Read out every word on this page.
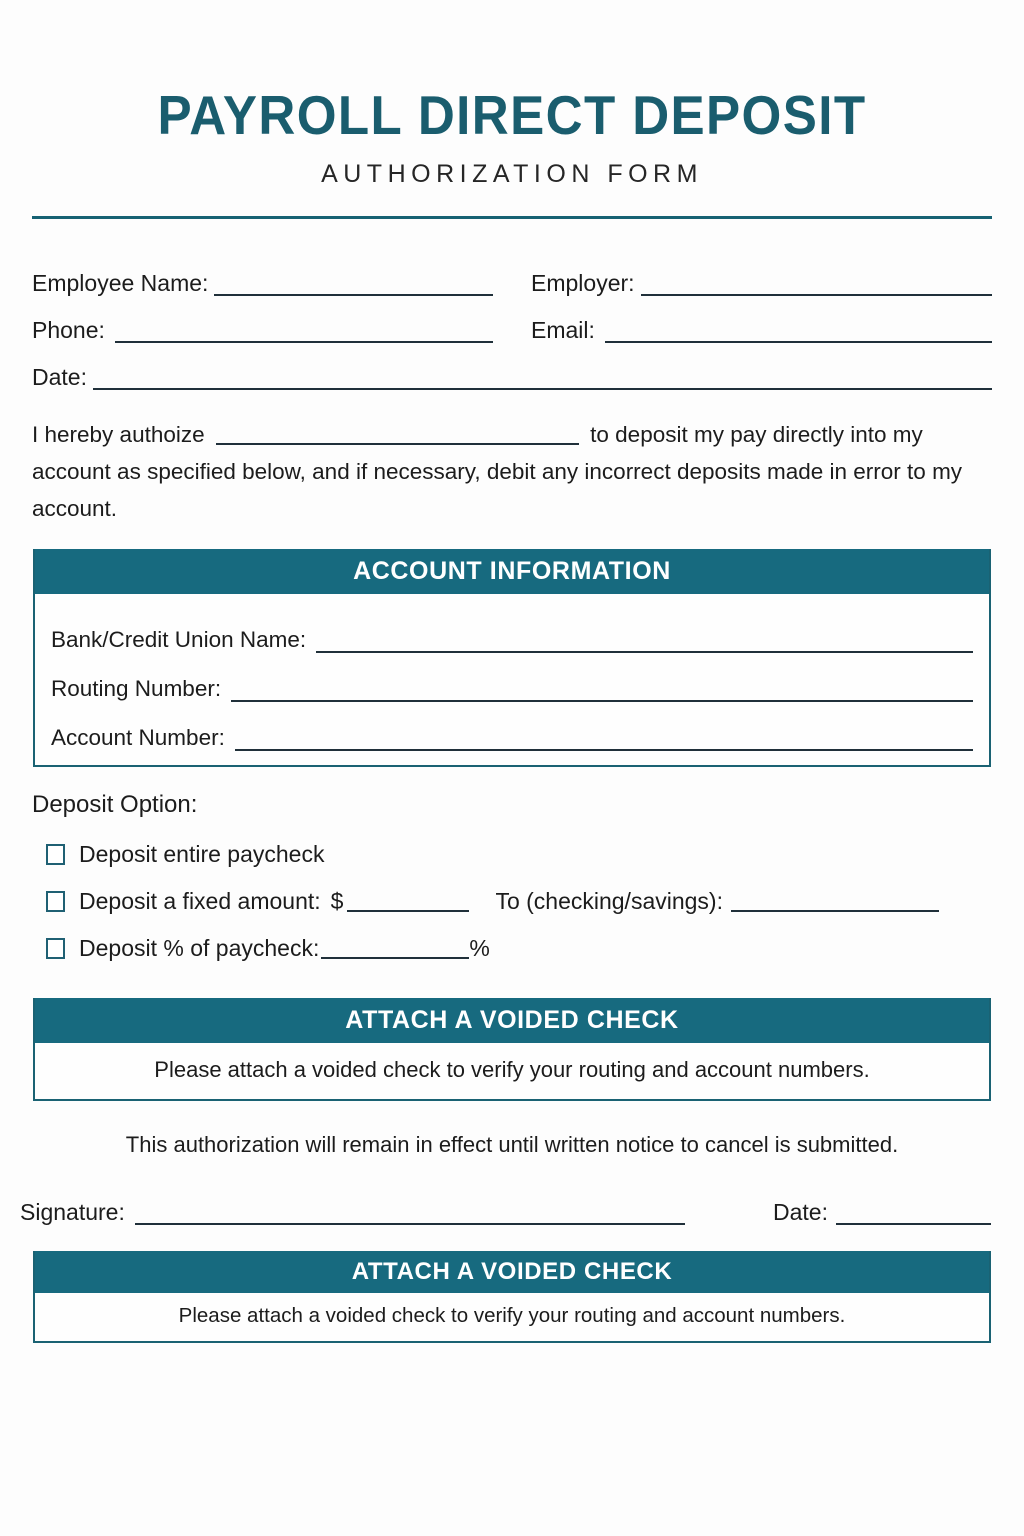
PAYROLL DIRECT DEPOSIT
AUTHORIZATION FORM
Employee Name:	Employer:
Phone:	Email:
Date:
I hereby authoize	to deposit my pay directly into my account as specified below, and if necessary, debit any incorrect deposits made in error to my account.
ACCOUNT INFORMATION
Bank/Credit Union Name:
Routing Number:
Account Number:
Deposit Option:
Deposit entire paycheck
Deposit a fixed amount: $	To (checking/savings):
Deposit % of paycheck:	%
ATTACH A VOIDED CHECK
Please attach a voided check to verify your routing and account numbers.
This authorization will remain in effect until written notice to cancel is submitted.
Signature:	Date:
ATTACH A VOIDED CHECK
Please attach a voided check to verify your routing and account numbers.
